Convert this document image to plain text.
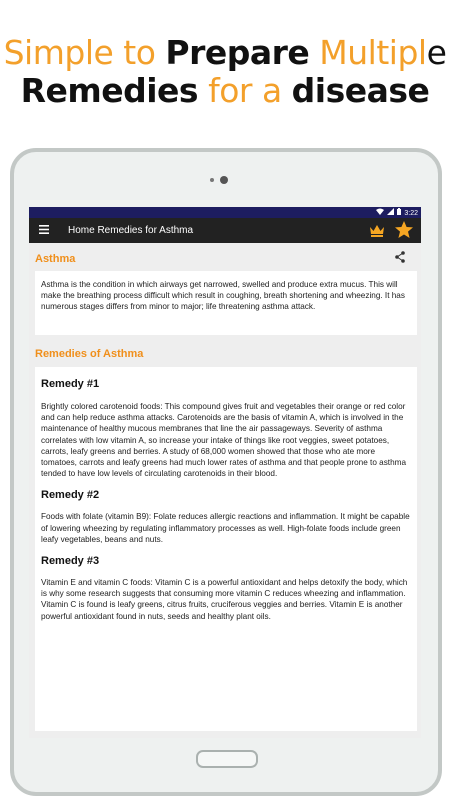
Simple to Prepare Multiple
Remedies for a disease
3:22
Home Remedies for Asthma
Asthma

Asthma is the condition in which airways get narrowed, swelled and produce extra mucus. This will make the breathing process difficult which result in coughing, breath shortening and wheezing. It has numerous stages differs from minor to major; life threatening asthma attack.

Remedies of Asthma
Remedy #1

Brightly colored carotenoid foods: This compound gives fruit and vegetables their orange or red color and can help reduce asthma attacks. Carotenoids are the basis of vitamin A, which is involved in the maintenance of healthy mucous membranes that line the air passageways. Severity of asthma correlates with low vitamin A, so increase your intake of things like root veggies, sweet potatoes, carrots, leafy greens and berries. A study of 68,000 women showed that those who ate more tomatoes, carrots and leafy greens had much lower rates of asthma and that people prone to asthma tended to have low levels of circulating carotenoids in their blood.

Remedy #2

Foods with folate (vitamin B9): Folate reduces allergic reactions and inflammation. It might be capable of lowering wheezing by regulating inflammatory processes as well. High-folate foods include green leafy vegetables, beans and nuts.

Remedy #3

Vitamin E and vitamin C foods: Vitamin C is a powerful antioxidant and helps detoxify the body, which is why some research suggests that consuming more vitamin C reduces wheezing and inflammation. Vitamin C is found is leafy greens, citrus fruits, cruciferous veggies and berries. Vitamin E is another powerful antioxidant found in nuts, seeds and healthy plant oils.
